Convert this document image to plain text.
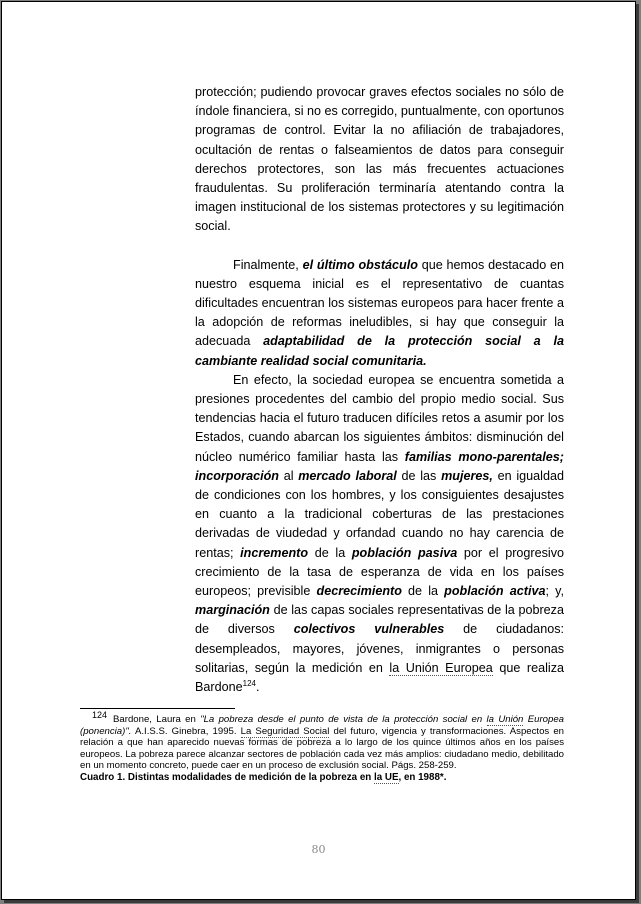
protección; pudiendo provocar graves efectos sociales no sólo de índole financiera, si no es corregido, puntualmente, con oportunos programas de control. Evitar la no afiliación de trabajadores, ocultación de rentas o falseamientos de datos para conseguir derechos protectores, son las más frecuentes actuaciones fraudulentas. Su proliferación terminaría atentando contra la imagen institucional de los sistemas protectores y su legitimación social.

Finalmente, el último obstáculo que hemos destacado en nuestro esquema inicial es el representativo de cuantas dificultades encuentran los sistemas europeos para hacer frente a la adopción de reformas ineludibles, si hay que conseguir la adecuada adaptabilidad de la protección social a la cambiante realidad social comunitaria.

En efecto, la sociedad europea se encuentra sometida a presiones procedentes del cambio del propio medio social. Sus tendencias hacia el futuro traducen difíciles retos a asumir por los Estados, cuando abarcan los siguientes ámbitos: disminución del núcleo numérico familiar hasta las familias mono-parentales; incorporación al mercado laboral de las mujeres, en igualdad de condiciones con los hombres, y los consiguientes desajustes en cuanto a la tradicional coberturas de las prestaciones derivadas de viudedad y orfandad cuando no hay carencia de rentas; incremento de la población pasiva por el progresivo crecimiento de la tasa de esperanza de vida en los países europeos; previsible decrecimiento de la población activa; y, marginación de las capas sociales representativas de la pobreza de diversos colectivos vulnerables de ciudadanos: desempleados, mayores, jóvenes, inmigrantes o personas solitarias, según la medición en la Unión Europea que realiza Bardone$^{124}$.

124 Bardone, Laura en "La pobreza desde el punto de vista de la protección social en la Unión Europea (ponencia)". A.I.S.S. Ginebra, 1995. La Seguridad Social del futuro, vigencia y transformaciones. Aspectos en relación a que han aparecido nuevas formas de pobreza a lo largo de los quince últimos años en los países europeos. La pobreza parece alcanzar sectores de población cada vez más amplios: ciudadano medio, debilitado en un momento concreto, puede caer en un proceso de exclusión social. Págs. 258-259.

Cuadro 1. Distintas modalidades de medición de la pobreza en la UE, en 1988*.

80
